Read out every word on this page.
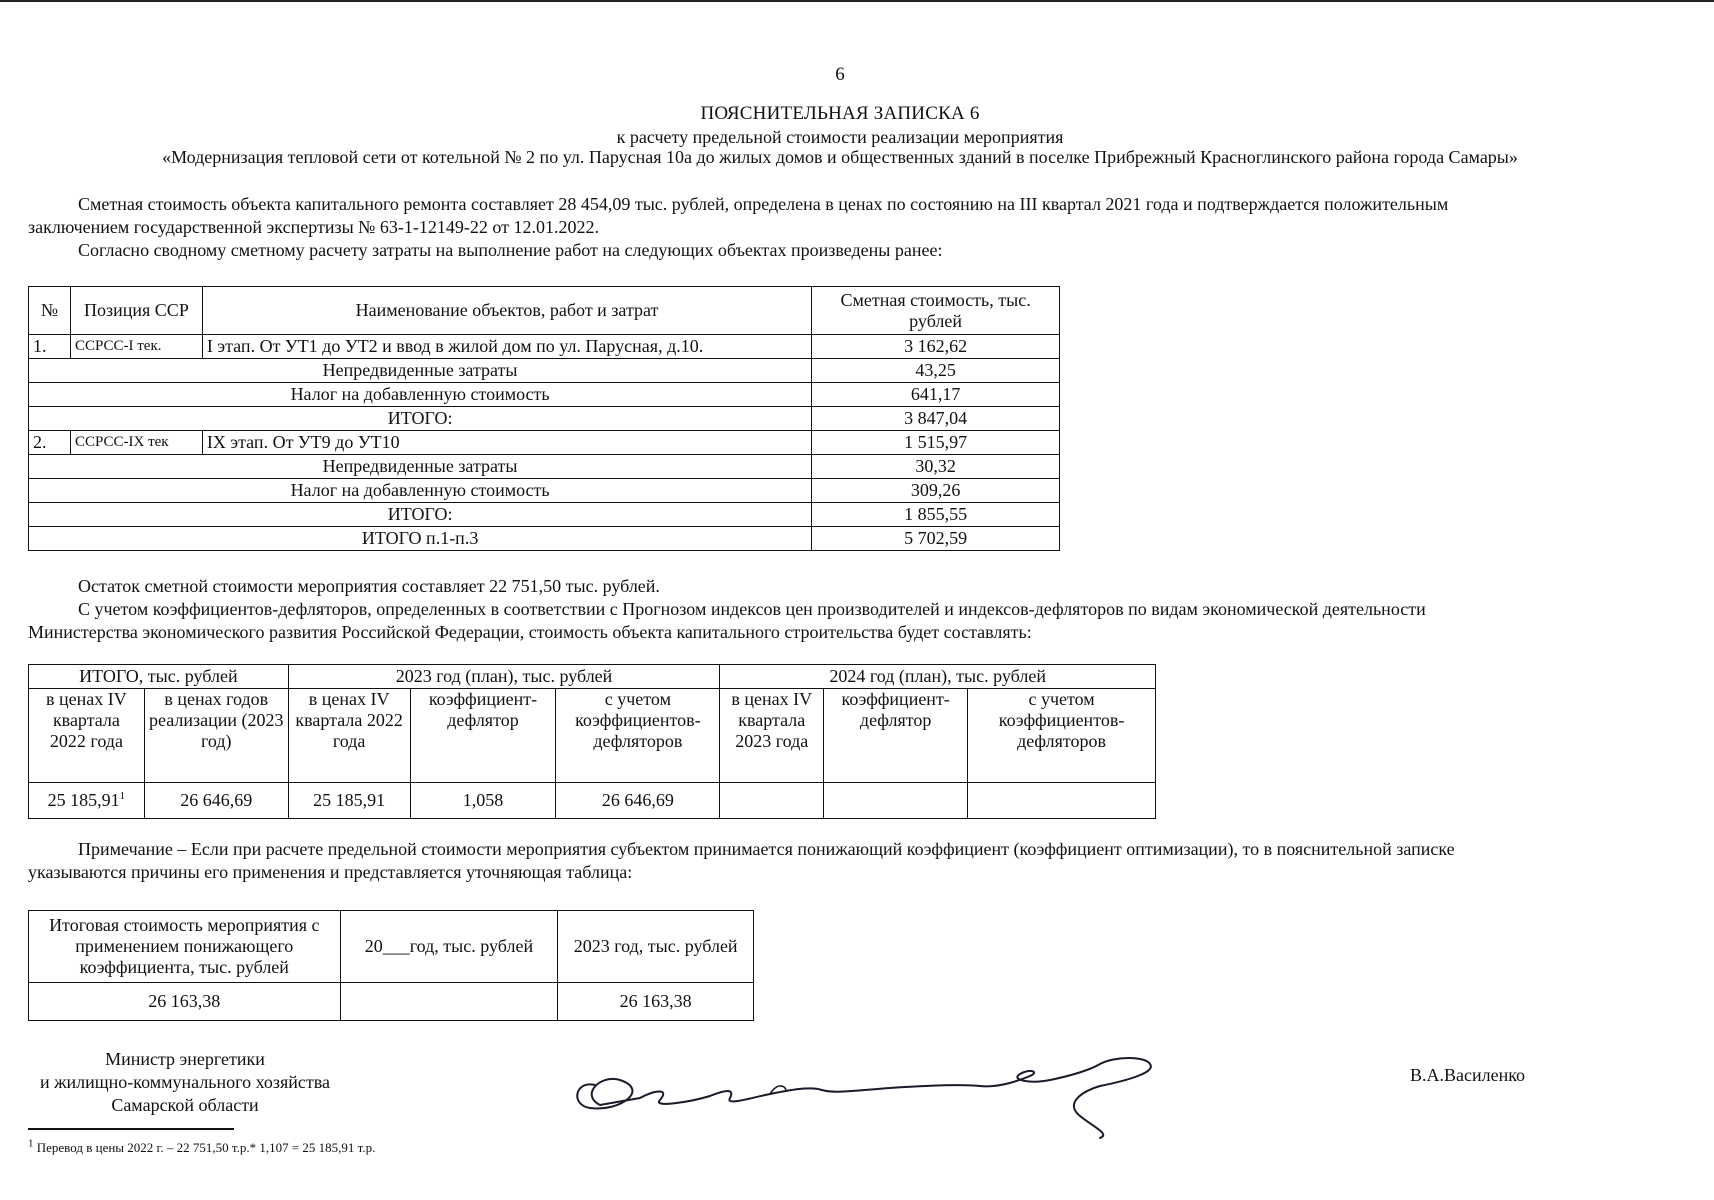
6
ПОЯСНИТЕЛЬНАЯ ЗАПИСКА 6
к расчету предельной стоимости реализации мероприятия
«Модернизация тепловой сети от котельной № 2 по ул. Парусная 10а до жилых домов и общественных зданий в поселке Прибрежный Красноглинского района города Самары»
Сметная стоимость объекта капитального ремонта составляет 28 454,09 тыс. рублей, определена в ценах по состоянию на III квартал 2021 года и подтверждается положительным
заключением государственной экспертизы № 63-1-12149-22 от 12.01.2022.
Согласно сводному сметному расчету затраты на выполнение работ на следующих объектах произведены ранее:
№	Позиция ССР	Наименование объектов, работ и затрат	Сметная стоимость, тыс. рублей
1.	ССРСС-I тек.	I этап. От УТ1 до УТ2 и ввод в жилой дом по ул. Парусная, д.10.	3 162,62
Непредвиденные затраты			43,25
Налог на добавленную стоимость			641,17
ИТОГО:			3 847,04
2.	ССРСС-IX тек	IX этап. От УТ9 до УТ10	1 515,97
Непредвиденные затраты			30,32
Налог на добавленную стоимость			309,26
ИТОГО:			1 855,55
ИТОГО п.1-п.3			5 702,59
Остаток сметной стоимости мероприятия составляет 22 751,50 тыс. рублей.
С учетом коэффициентов-дефляторов, определенных в соответствии с Прогнозом индексов цен производителей и индексов-дефляторов по видам экономической деятельности
Министерства экономического развития Российской Федерации, стоимость объекта капитального строительства будет составлять:
ИТОГО, тыс. рублей		2023 год (план), тыс. рублей			2024 год (план), тыс. рублей		
в ценах IV квартала 2022 года	в ценах годов реализации (2023 год)	в ценах IV квартала 2022 года	коэффициент-дефлятор	с учетом коэффициентов-дефляторов	в ценах IV квартала 2023 года	коэффициент-дефлятор	с учетом коэффициентов-дефляторов
25 185,91$^1$	26 646,69	25 185,91	1,058	26 646,69			
Примечание – Если при расчете предельной стоимости мероприятия субъектом принимается понижающий коэффициент (коэффициент оптимизации), то в пояснительной записке
указываются причины его применения и представляется уточняющая таблица:
Итоговая стоимость мероприятия с применением понижающего коэффициента, тыс. рублей	20___год, тыс. рублей	2023 год, тыс. рублей
26 163,38		26 163,38
Министр энергетики
и жилищно-коммунального хозяйства
Самарской области
В.А.Василенко
$^1$ Перевод в цены 2022 г. – 22 751,50 т.р.* 1,107 = 25 185,91 т.р.
